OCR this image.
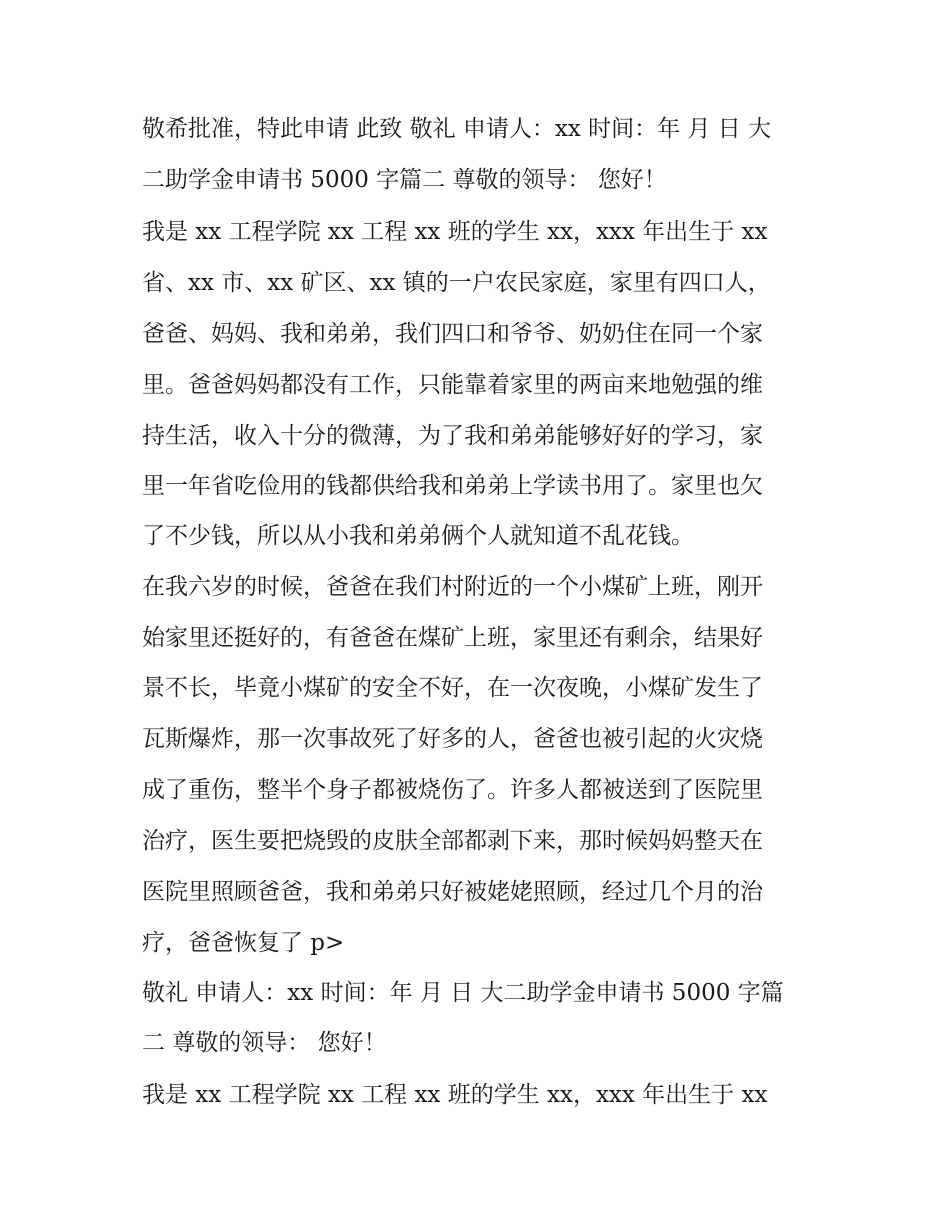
敬希批准，特此申请 此致 敬礼 申请人：xx 时间：年 月 日 大

二助学金申请书 5000 字篇二 尊敬的领导： 您好！

我是 xx 工程学院 xx 工程 xx 班的学生 xx，xxx 年出生于 xx

省、xx 市、xx 矿区、xx 镇的一户农民家庭，家里有四口人，

爸爸、妈妈、我和弟弟，我们四口和爷爷、奶奶住在同一个家

里。爸爸妈妈都没有工作，只能靠着家里的两亩来地勉强的维

持生活，收入十分的微薄，为了我和弟弟能够好好的学习，家

里一年省吃俭用的钱都供给我和弟弟上学读书用了。家里也欠

了不少钱，所以从小我和弟弟俩个人就知道不乱花钱。

在我六岁的时候，爸爸在我们村附近的一个小煤矿上班，刚开

始家里还挺好的，有爸爸在煤矿上班，家里还有剩余，结果好

景不长，毕竟小煤矿的安全不好，在一次夜晚，小煤矿发生了

瓦斯爆炸，那一次事故死了好多的人，爸爸也被引起的火灾烧

成了重伤，整半个身子都被烧伤了。许多人都被送到了医院里

治疗，医生要把烧毁的皮肤全部都剥下来，那时候妈妈整天在

医院里照顾爸爸，我和弟弟只好被姥姥照顾，经过几个月的治

疗，爸爸恢复了 p>

敬礼 申请人：xx 时间：年 月 日 大二助学金申请书 5000 字篇

二 尊敬的领导： 您好！

我是 xx 工程学院 xx 工程 xx 班的学生 xx，xxx 年出生于 xx
